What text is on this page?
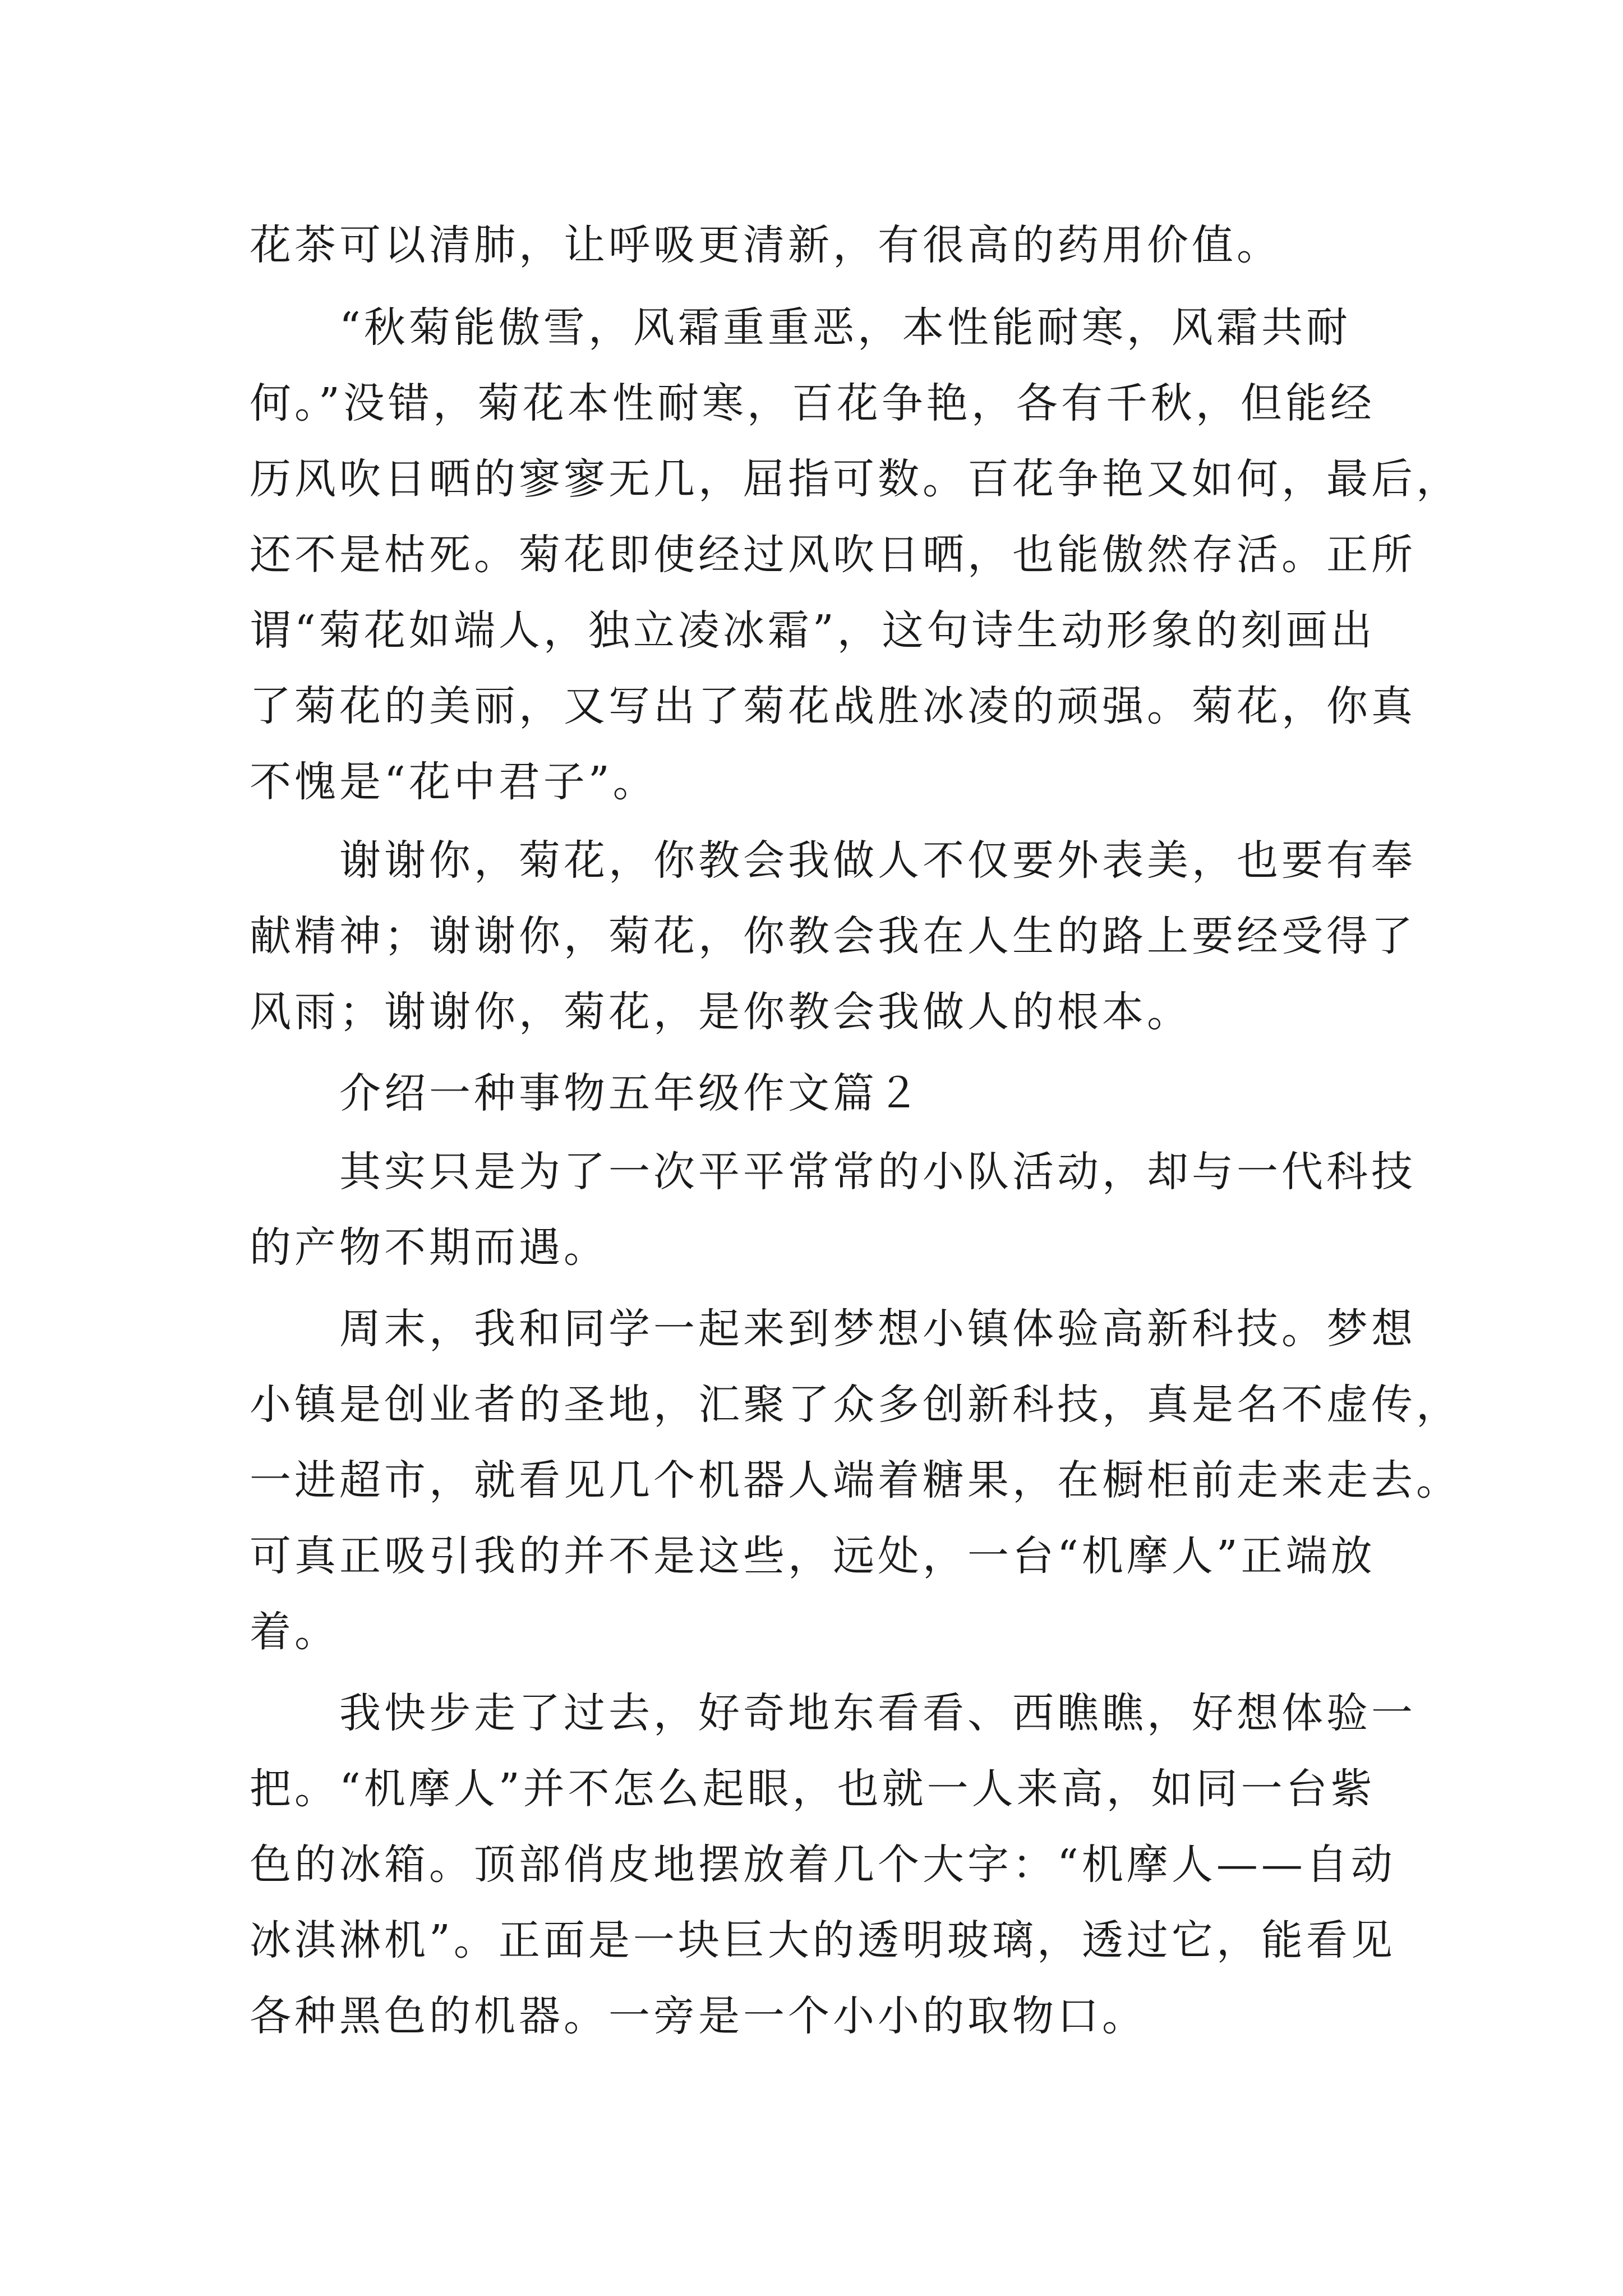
花茶可以清肺，让呼吸更清新，有很高的药用价值。
　　“秋菊能傲雪，风霜重重恶，本性能耐寒，风霜共耐
何。”没错，菊花本性耐寒，百花争艳，各有千秋，但能经
历风吹日晒的寥寥无几，屈指可数。百花争艳又如何，最后，
还不是枯死。菊花即使经过风吹日晒，也能傲然存活。正所
谓“菊花如端人，独立凌冰霜”，这句诗生动形象的刻画出
了菊花的美丽，又写出了菊花战胜冰凌的顽强。菊花，你真
不愧是“花中君子”。
　　谢谢你，菊花，你教会我做人不仅要外表美，也要有奉
献精神；谢谢你，菊花，你教会我在人生的路上要经受得了
风雨；谢谢你，菊花，是你教会我做人的根本。
　　介绍一种事物五年级作文篇２
　　其实只是为了一次平平常常的小队活动，却与一代科技
的产物不期而遇。
　　周末，我和同学一起来到梦想小镇体验高新科技。梦想
小镇是创业者的圣地，汇聚了众多创新科技，真是名不虚传，
一进超市，就看见几个机器人端着糖果，在橱柜前走来走去。
可真正吸引我的并不是这些，远处，一台“机摩人”正端放
着。
　　我快步走了过去，好奇地东看看、西瞧瞧，好想体验一
把。“机摩人”并不怎么起眼，也就一人来高，如同一台紫
色的冰箱。顶部俏皮地摆放着几个大字：“机摩人——自动
冰淇淋机”。正面是一块巨大的透明玻璃，透过它，能看见
各种黑色的机器。一旁是一个小小的取物口。
